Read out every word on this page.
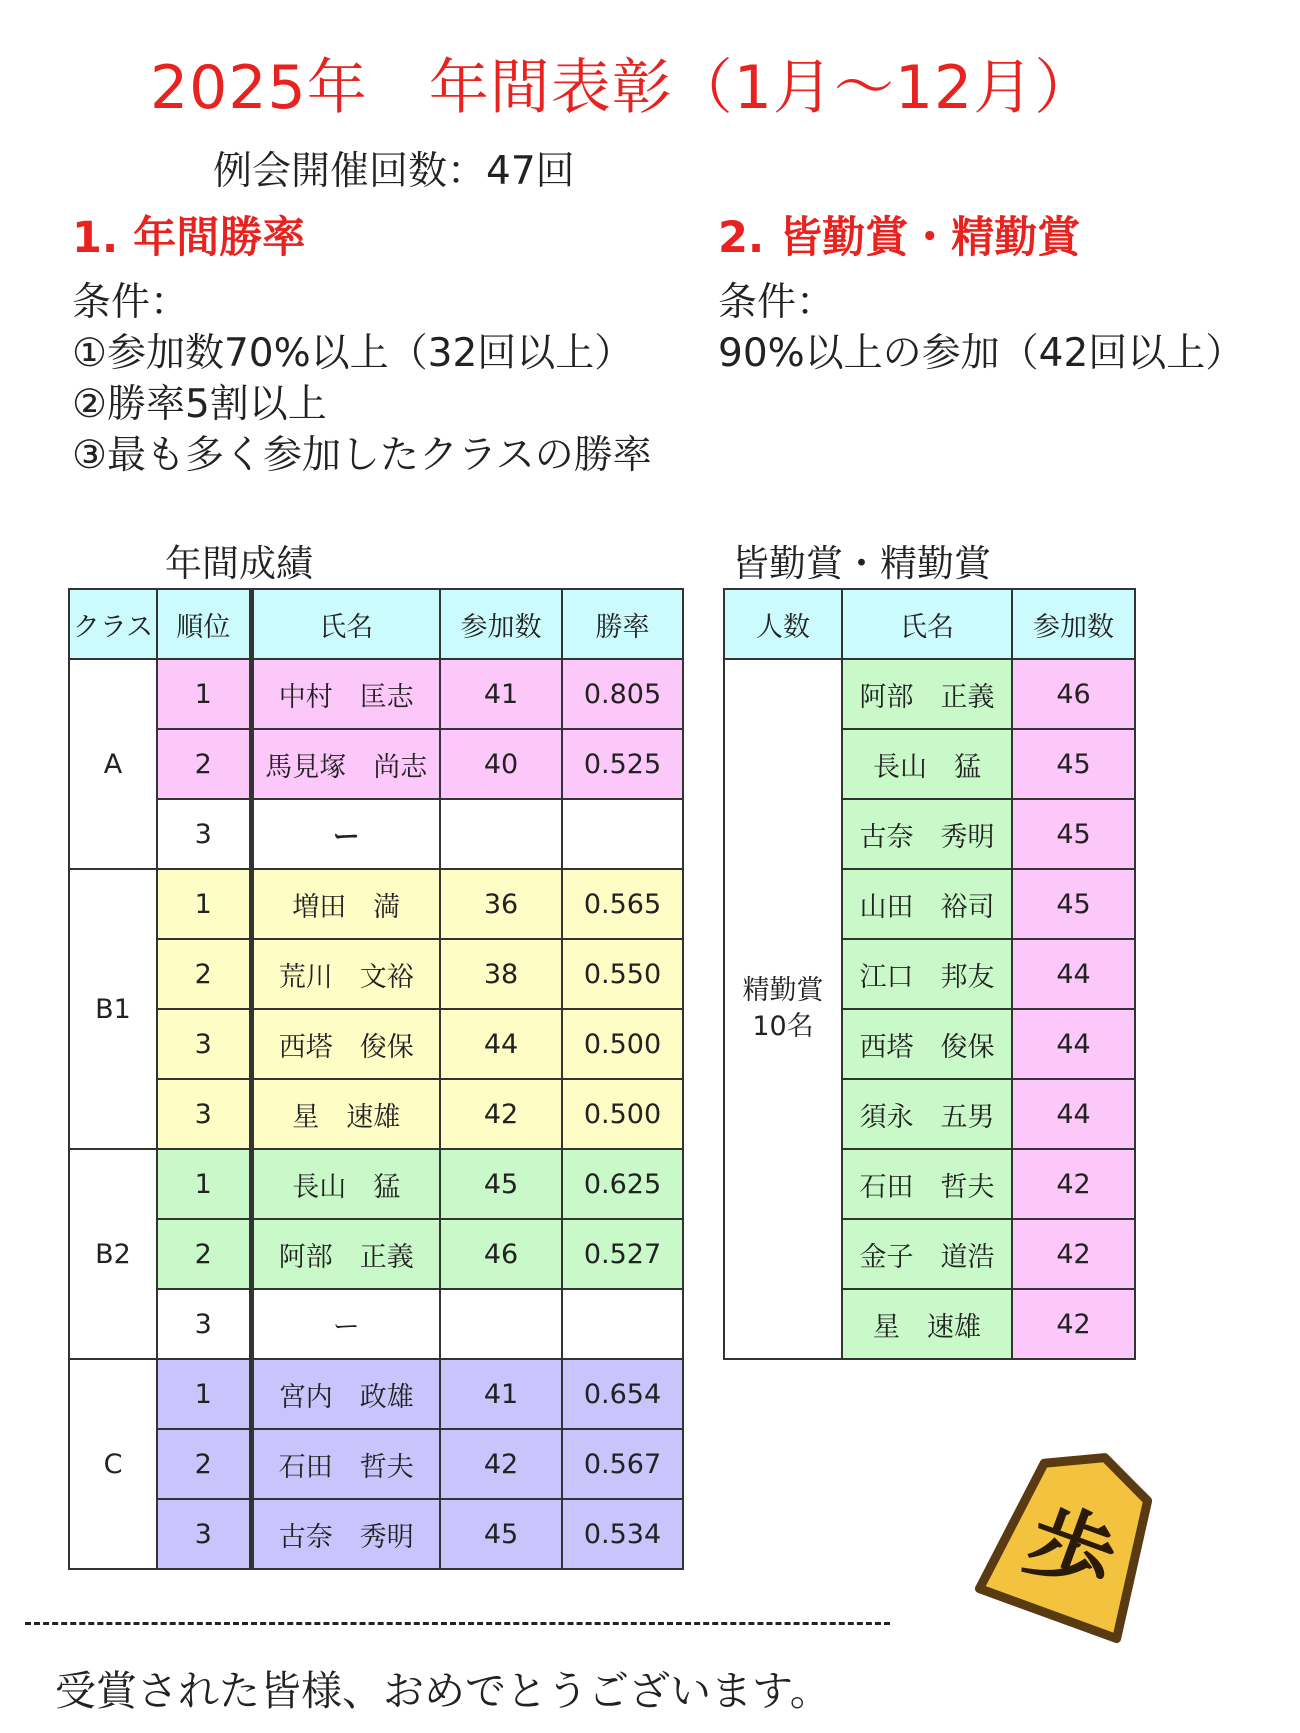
2025年　年間表彰（1月〜12月）
例会開催回数：47回
1. 年間勝率
条件：
①参加数70%以上（32回以上）
②勝率5割以上
③最も多く参加したクラスの勝率
2. 皆勤賞・精勤賞
条件：
90%以上の参加（42回以上）
年間成績	皆勤賞・精勤賞
クラス	順位	氏名	参加数	勝率
A	1	中村　匡志	41	0.805
	2	馬見塚　尚志	40	0.525
	3	ー		
B1	1	増田　満	36	0.565
	2	荒川　文裕	38	0.550
	3	西塔　俊保	44	0.500
	3	星　速雄	42	0.500
B2	1	長山　猛	45	0.625
	2	阿部　正義	46	0.527
	3	ー		
C	1	宮内　政雄	41	0.654
	2	石田　哲夫	42	0.567
	3	古奈　秀明	45	0.534
人数	氏名	参加数
精勤賞
10名	阿部　正義	46
	長山　猛	45
	古奈　秀明	45
	山田　裕司	45
	江口　邦友	44
	西塔　俊保	44
	須永　五男	44
	石田　哲夫	42
	金子　道浩	42
	星　速雄	42
歩
受賞された皆様、おめでとうございます。
